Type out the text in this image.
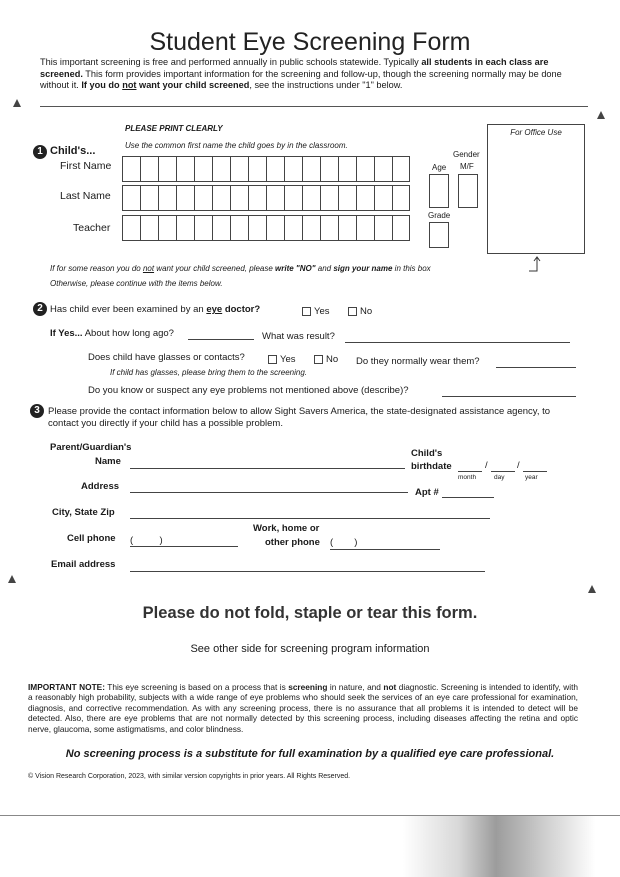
Student Eye Screening Form
This important screening is free and performed annually in public schools statewide. Typically all students in each class are screened. This form provides important information for the screening and follow-up, though the screening normally may be done without it. If you do not want your child screened, see the instructions under "1" below.
For Office Use
1 Child's...
PLEASE PRINT CLEARLY
Use the common first name the child goes by in the classroom.
First Name
Last Name
Teacher
Age
Gender
M/F
Grade
If for some reason you do not want your child screened, please write "NO" and sign your name in this box
Otherwise, please continue with the items below.
2 Has child ever been examined by an eye doctor?	Yes	No
If Yes... About how long ago?	What was result?
Does child have glasses or contacts?	Yes	No Do they normally wear them?
If child has glasses, please bring them to the screening.
Do you know or suspect any eye problems not mentioned above (describe)?
3 Please provide the contact information below to allow Sight Savers America, the state-designated assistance agency, to contact you directly if your child has a possible problem.
Parent/Guardian's
Name
Child's
birthdate	/	/
month	day	year
Address
Apt #
City, State Zip
Cell phone (          )
Work, home or
other phone (        )
Email address
Please do not fold, staple or tear this form.
See other side for screening program information
IMPORTANT NOTE: This eye screening is based on a process that is screening in nature, and not diagnostic. Screening is intended to identify, with a reasonably high probability, subjects with a wide range of eye problems who should seek the services of an eye care professional for examination, diagnosis, and corrective recommendation. As with any screening process, there is no assurance that all problems it is intended to detect will be detected. Also, there are eye problems that are not normally detected by this screening process, including diseases affecting the retina and optic nerve, glaucoma, some astigmatisms, and color blindness.
No screening process is a substitute for full examination by a qualified eye care professional.
© Vision Research Corporation, 2023, with similar version copyrights in prior years. All Rights Reserved.
